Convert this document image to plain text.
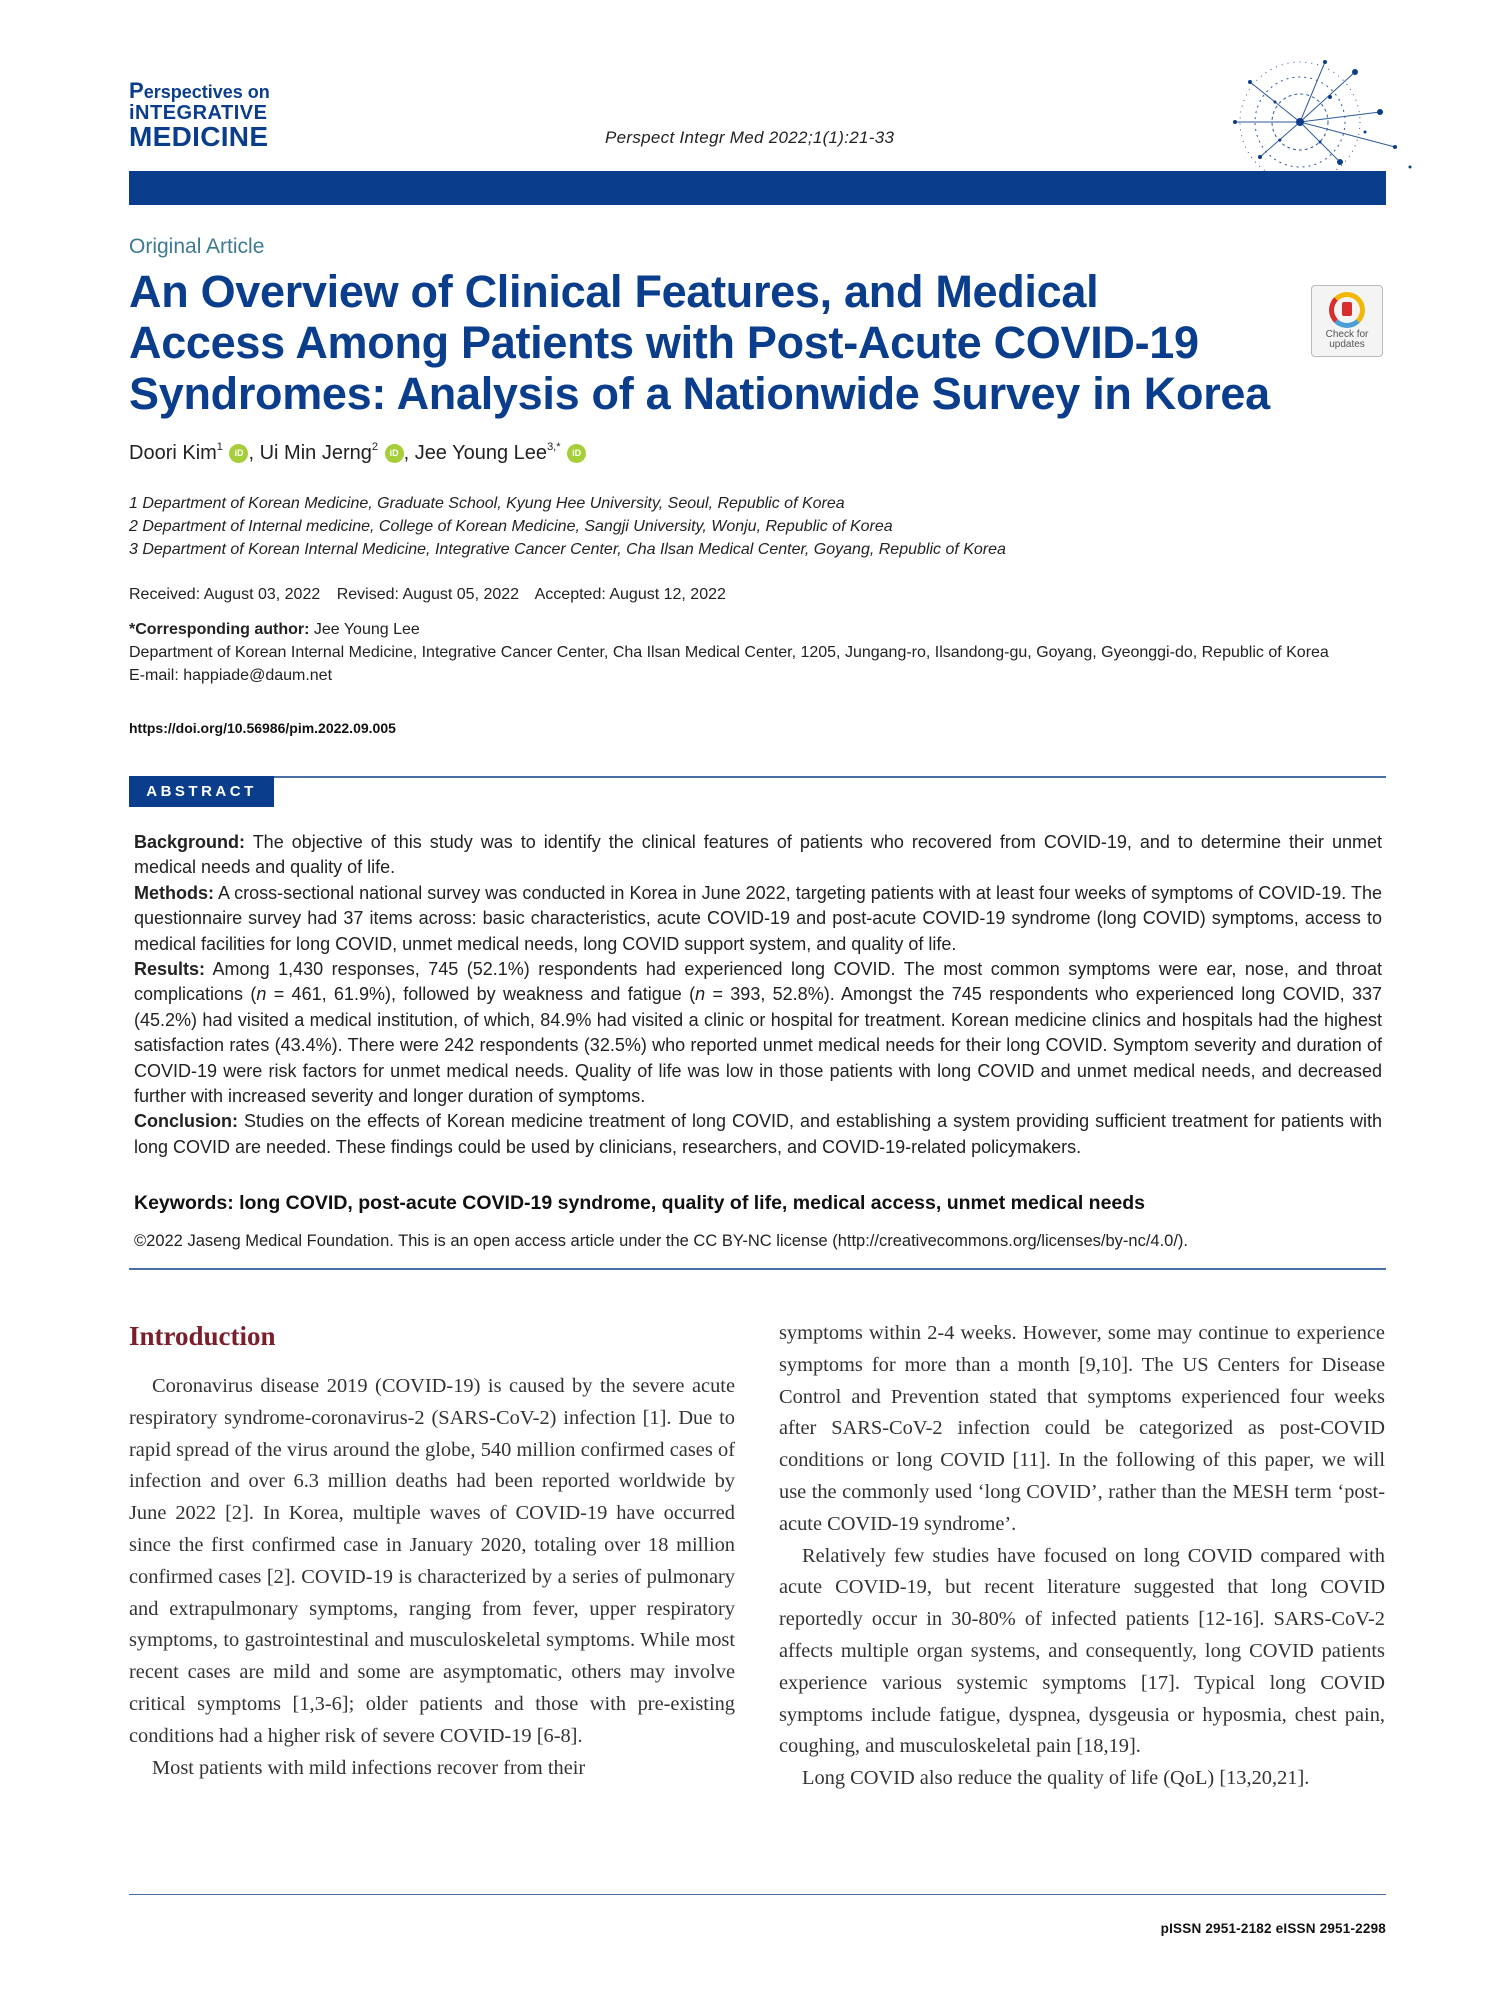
Perspectives on
iNTEGRATIVE
MEDICINE	Perspect Integr Med 2022;1(1):21-33
Original Article
An Overview of Clinical Features, and Medical
Access Among Patients with Post-Acute COVID-19
Syndromes: Analysis of a Nationwide Survey in Korea
Check for updates
Doori Kim$^1$ iD , Ui Min Jerng$^2$ iD , Jee Young Lee$^{3,*}$ iD
1 Department of Korean Medicine, Graduate School, Kyung Hee University, Seoul, Republic of Korea
2 Department of Internal medicine, College of Korean Medicine, Sangji University, Wonju, Republic of Korea
3 Department of Korean Internal Medicine, Integrative Cancer Center, Cha Ilsan Medical Center, Goyang, Republic of Korea
Received: August 03, 2022 Revised: August 05, 2022 Accepted: August 12, 2022
*Corresponding author: Jee Young Lee
Department of Korean Internal Medicine, Integrative Cancer Center, Cha Ilsan Medical Center, 1205, Jungang-ro, Ilsandong-gu, Goyang, Gyeonggi-do, Republic of Korea
E-mail: happiade@daum.net
https://doi.org/10.56986/pim.2022.09.005
ABSTRACT

Background: The objective of this study was to identify the clinical features of patients who recovered from COVID-19, and to determine their unmet medical needs and quality of life.

Methods: A cross-sectional national survey was conducted in Korea in June 2022, targeting patients with at least four weeks of symptoms of COVID-19. The questionnaire survey had 37 items across: basic characteristics, acute COVID-19 and post-acute COVID-19 syndrome (long COVID) symptoms, access to medical facilities for long COVID, unmet medical needs, long COVID support system, and quality of life.

Results: Among 1,430 responses, 745 (52.1%) respondents had experienced long COVID. The most common symptoms were ear, nose, and throat complications (n = 461, 61.9%), followed by weakness and fatigue (n = 393, 52.8%). Amongst the 745 respondents who experienced long COVID, 337 (45.2%) had visited a medical institution, of which, 84.9% had visited a clinic or hospital for treatment. Korean medicine clinics and hospitals had the highest satisfaction rates (43.4%). There were 242 respondents (32.5%) who reported unmet medical needs for their long COVID. Symptom severity and duration of COVID-19 were risk factors for unmet medical needs. Quality of life was low in those patients with long COVID and unmet medical needs, and decreased further with increased severity and longer duration of symptoms.

Conclusion: Studies on the effects of Korean medicine treatment of long COVID, and establishing a system providing sufficient treatment for patients with long COVID are needed. These findings could be used by clinicians, researchers, and COVID-19-related policymakers.

Keywords: long COVID, post-acute COVID-19 syndrome, quality of life, medical access, unmet medical needs
©2022 Jaseng Medical Foundation. This is an open access article under the CC BY-NC license (http://creativecommons.org/licenses/by-nc/4.0/).
Introduction

Coronavirus disease 2019 (COVID-19) is caused by the severe acute respiratory syndrome-coronavirus-2 (SARS-CoV-2) infection [1]. Due to rapid spread of the virus around the globe, 540 million confirmed cases of infection and over 6.3 million deaths had been reported worldwide by June 2022 [2]. In Korea, multiple waves of COVID-19 have occurred since the first confirmed case in January 2020, totaling over 18 million confirmed cases [2]. COVID-19 is characterized by a series of pulmonary and extrapulmonary symptoms, ranging from fever, upper respiratory symptoms, to gastrointestinal and musculoskeletal symptoms. While most recent cases are mild and some are asymptomatic, others may involve critical symptoms [1,3-6]; older patients and those with pre-existing conditions had a higher risk of severe COVID-19 [6-8].

Most patients with mild infections recover from their

symptoms within 2-4 weeks. However, some may continue to experience symptoms for more than a month [9,10]. The US Centers for Disease Control and Prevention stated that symptoms experienced four weeks after SARS-CoV-2 infection could be categorized as post-COVID conditions or long COVID [11]. In the following of this paper, we will use the commonly used ‘long COVID’, rather than the MESH term ‘post-acute COVID-19 syndrome’.

Relatively few studies have focused on long COVID compared with acute COVID-19, but recent literature suggested that long COVID reportedly occur in 30-80% of infected patients [12-16]. SARS-CoV-2 affects multiple organ systems, and consequently, long COVID patients experience various systemic symptoms [17]. Typical long COVID symptoms include fatigue, dyspnea, dysgeusia or hyposmia, chest pain, coughing, and musculoskeletal pain [18,19].

Long COVID also reduce the quality of life (QoL) [13,20,21].

pISSN 2951-2182 eISSN 2951-2298
